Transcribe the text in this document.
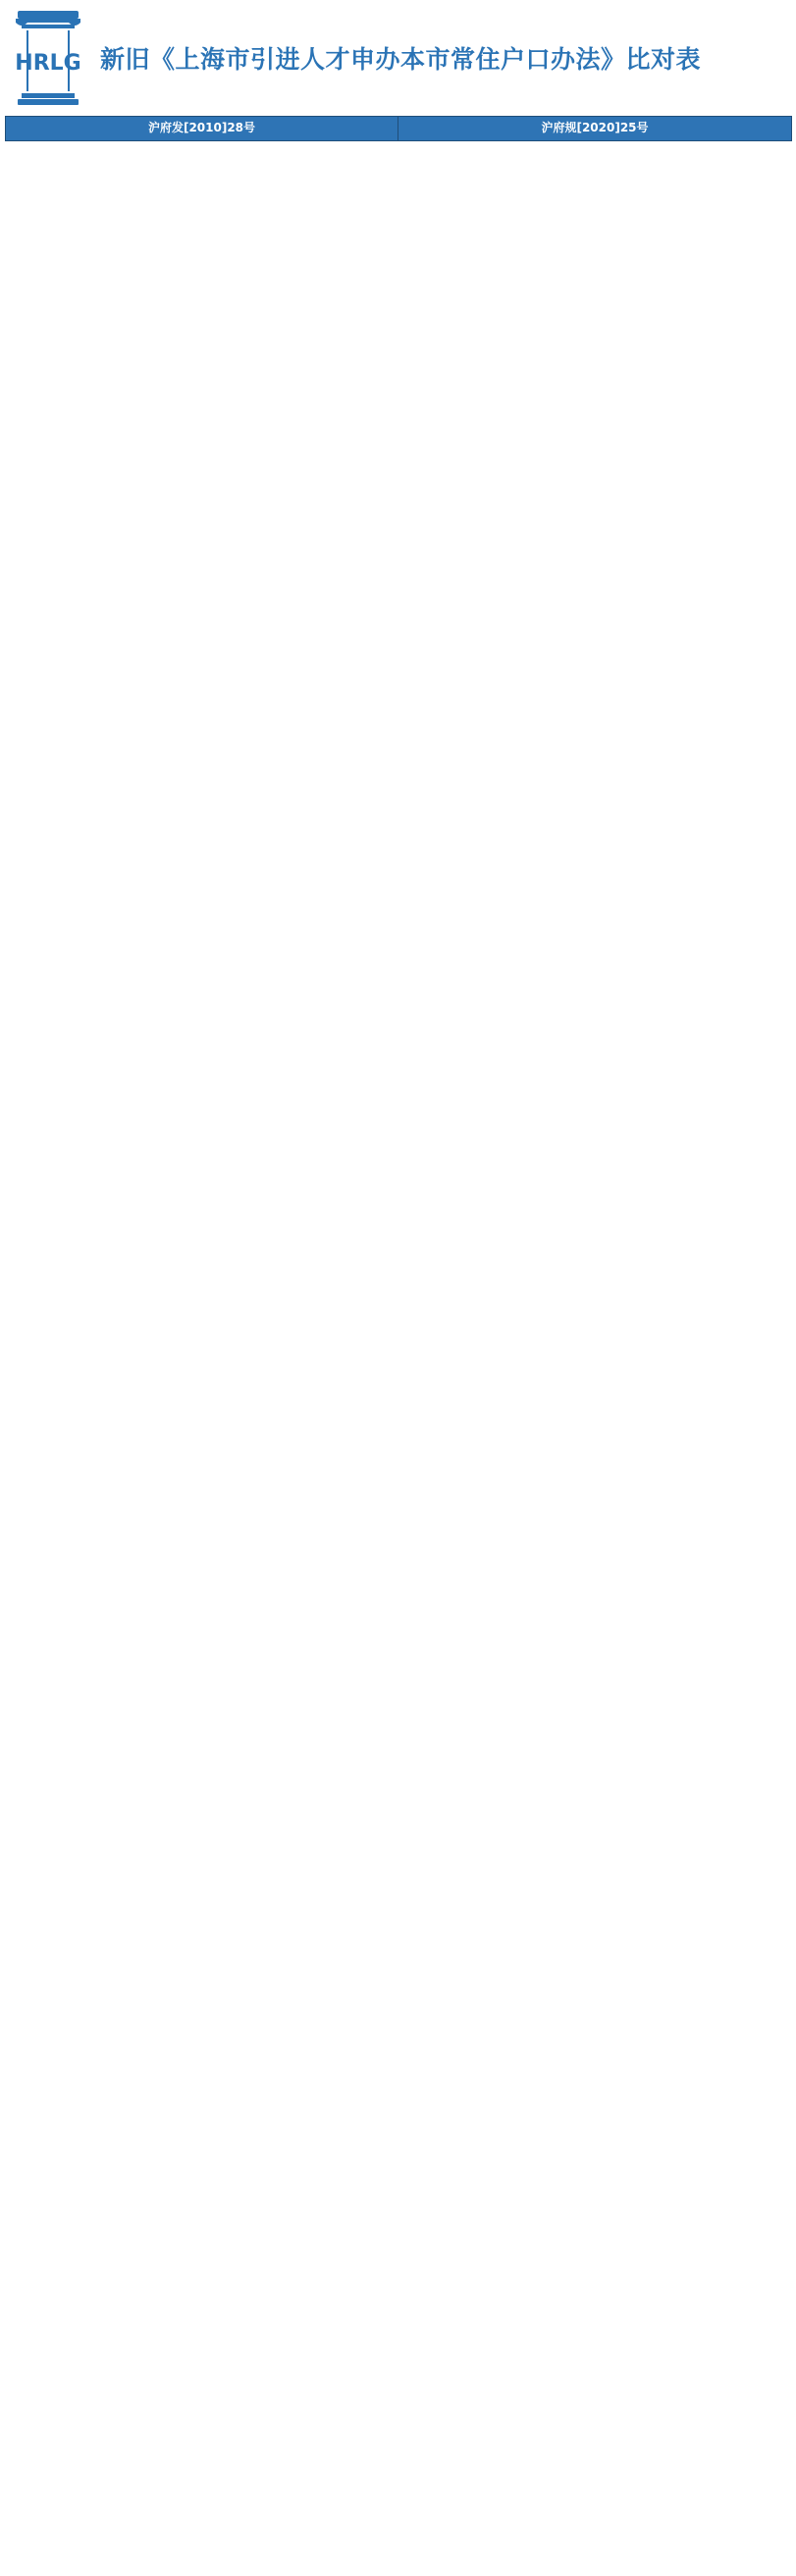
HRLG 新旧《上海市引进人才申办本市常住户口办法》比对表
沪府发[2010]28号	沪府规[2020]25号
